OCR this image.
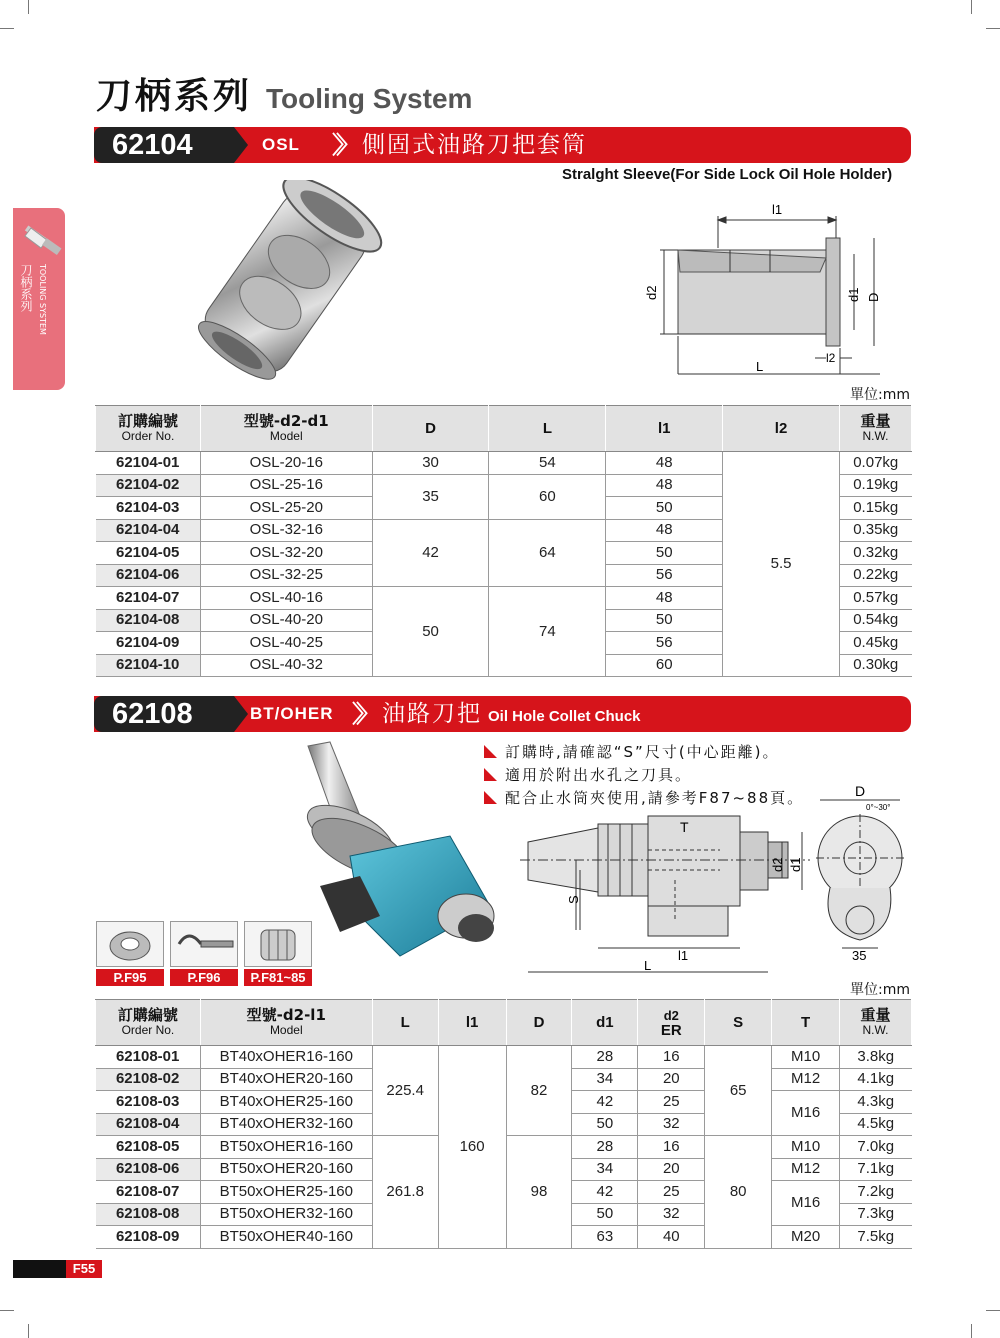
刀柄系列 Tooling System
刀柄系列 TOOLING SYSTEM
62104	OSL 〉〉 側固式油路刀把套筒
Stralght Sleeve(For Side Lock Oil Hole Holder)
l1
d2	d1 D
L
l2
單位:mm
訂購編號
Order No.	型號-d2-d1
Model	D	L	l1	l2	重量
N.W.

62104-01	OSL-20-16	30	54	48	5.5	0.07kg
62104-02	OSL-25-16	35	60	48		0.19kg
62104-03	OSL-25-20			50		0.15kg
62104-04	OSL-32-16	42	64	48		0.35kg
62104-05	OSL-32-20			50		0.32kg
62104-06	OSL-32-25			56		0.22kg
62104-07	OSL-40-16	50	74	48		0.57kg
62104-08	OSL-40-20			50		0.54kg
62104-09	OSL-40-25			56		0.45kg
62104-10	OSL-40-32			60		0.30kg
62108	BT/OHER 〉〉 油路刀把 Oil Hole Collet Chuck
訂購時,請確認“S”尺寸(中心距離)。
適用於附出水孔之刀具。
配合止水筒夾使用,請參考F87~88頁。
T
S
d2 d1
l1
L
D
0°~30°
35
P.F95	P.F96	P.F81~85
單位:mm
訂購編號
Order No.	型號-d2-l1
Model	L	l1	D	d1	d2
ER	S	T	重量
N.W.

62108-01	BT40xOHER16-160	225.4	160	82	28	16	65	M10	3.8kg
62108-02	BT40xOHER20-160				34	20		M12	4.1kg
62108-03	BT40xOHER25-160				42	25		M16	4.3kg
62108-04	BT40xOHER32-160				50	32			4.5kg
62108-05	BT50xOHER16-160	261.8		98	28	16	80	M10	7.0kg
62108-06	BT50xOHER20-160				34	20		M12	7.1kg
62108-07	BT50xOHER25-160				42	25		M16	7.2kg
62108-08	BT50xOHER32-160				50	32			7.3kg
62108-09	BT50xOHER40-160				63	40		M20	7.5kg
F55
